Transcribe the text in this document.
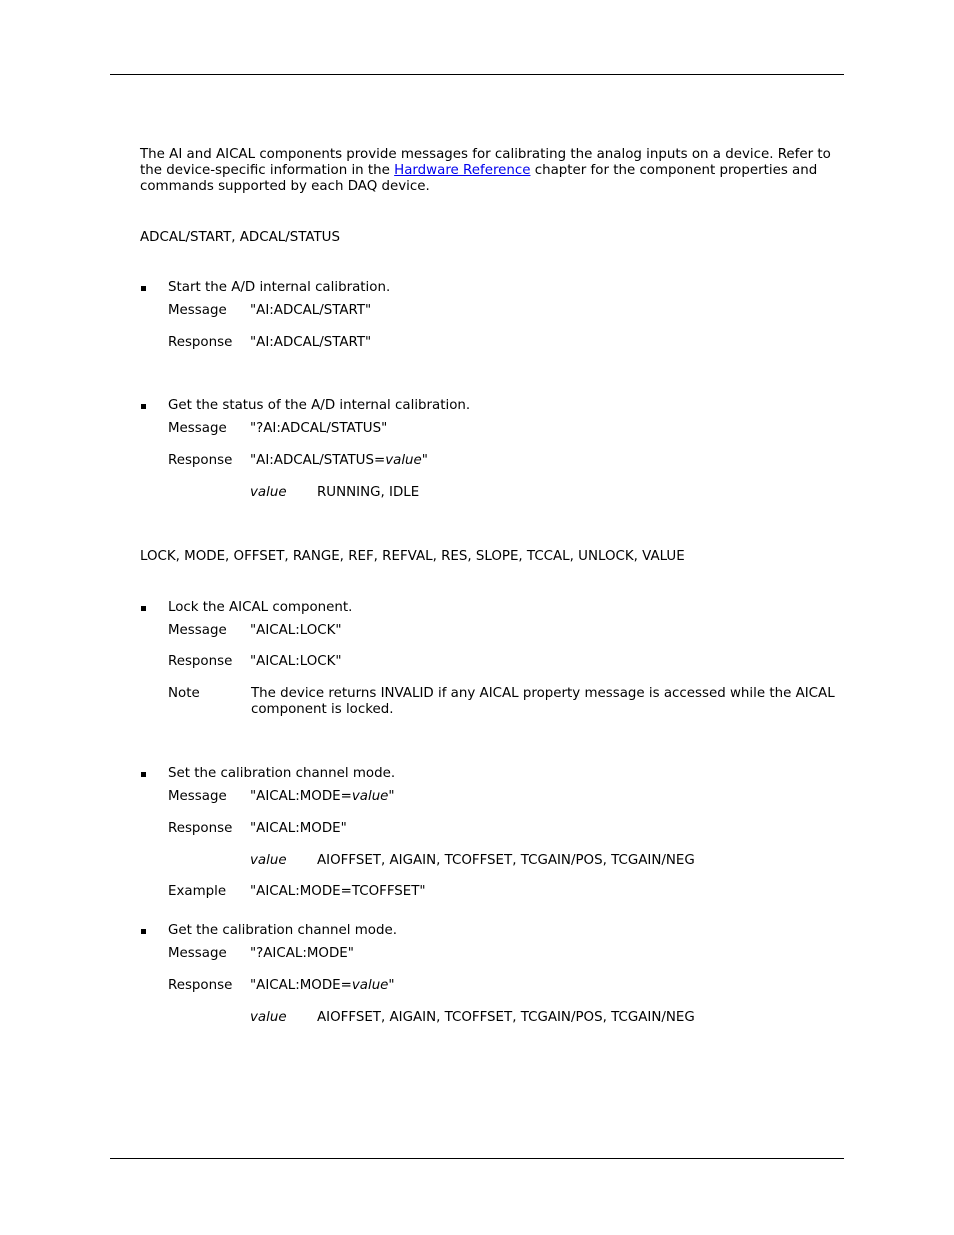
The AI and AICAL components provide messages for calibrating the analog inputs on a device. Refer to the device-specific information in the Hardware Reference chapter for the component properties and commands supported by each DAQ device.
ADCAL/START, ADCAL/STATUS
Start the A/D internal calibration.
Message "AI:ADCAL/START"
Response "AI:ADCAL/START"
Get the status of the A/D internal calibration.
Message "?AI:ADCAL/STATUS"
Response "AI:ADCAL/STATUS=value"
value RUNNING, IDLE
LOCK, MODE, OFFSET, RANGE, REF, REFVAL, RES, SLOPE, TCCAL, UNLOCK, VALUE
Lock the AICAL component.
Message "AICAL:LOCK"
Response "AICAL:LOCK"
Note	The device returns INVALID if any AICAL property message is accessed while the AICAL component is locked.
Set the calibration channel mode.
Message "AICAL:MODE=value"
Response "AICAL:MODE"
value AIOFFSET, AIGAIN, TCOFFSET, TCGAIN/POS, TCGAIN/NEG
Example "AICAL:MODE=TCOFFSET"
Get the calibration channel mode.
Message "?AICAL:MODE"
Response "AICAL:MODE=value"
value AIOFFSET, AIGAIN, TCOFFSET, TCGAIN/POS, TCGAIN/NEG
